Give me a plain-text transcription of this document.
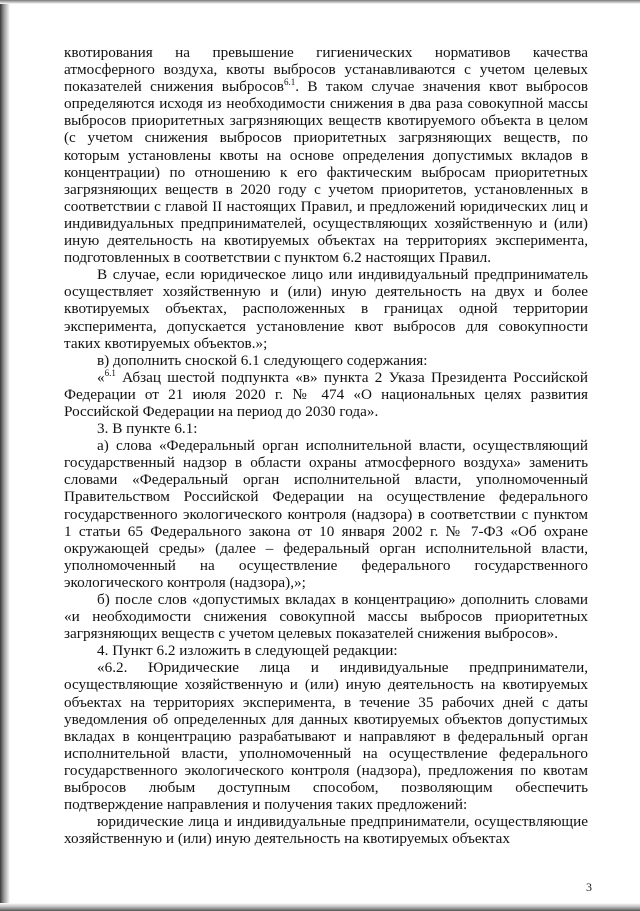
квотирования на превышение гигиенических нормативов качества атмосферного воздуха, квоты выбросов устанавливаются с учетом целевых показателей снижения выбросов$^{6.1}$. В таком случае значения квот выбросов определяются исходя из необходимости снижения в два раза совокупной массы выбросов приоритетных загрязняющих веществ квотируемого объекта в целом (с учетом снижения выбросов приоритетных загрязняющих веществ, по которым установлены квоты на основе определения допустимых вкладов в концентрации) по отношению к его фактическим выбросам приоритетных загрязняющих веществ в 2020 году с учетом приоритетов, установленных в соответствии с главой II настоящих Правил, и предложений юридических лиц и индивидуальных предпринимателей, осуществляющих хозяйственную и (или) иную деятельность на квотируемых объектах на территориях эксперимента, подготовленных в соответствии с пунктом 6.2 настоящих Правил.

В случае, если юридическое лицо или индивидуальный предприниматель осуществляет хозяйственную и (или) иную деятельность на двух и более квотируемых объектах, расположенных в границах одной территории эксперимента, допускается установление квот выбросов для совокупности таких квотируемых объектов.»;

в) дополнить сноской 6.1 следующего содержания:

«$^{6.1}$ Абзац шестой подпункта «в» пункта 2 Указа Президента Российской Федерации от 21 июля 2020 г. № 474 «О национальных целях развития Российской Федерации на период до 2030 года».

3. В пункте 6.1:

а) слова «Федеральный орган исполнительной власти, осуществляющий государственный надзор в области охраны атмосферного воздуха» заменить словами «Федеральный орган исполнительной власти, уполномоченный Правительством Российской Федерации на осуществление федерального государственного экологического контроля (надзора) в соответствии с пунктом 1 статьи 65 Федерального закона от 10 января 2002 г. № 7-ФЗ «Об охране окружающей среды» (далее – федеральный орган исполнительной власти, уполномоченный на осуществление федерального государственного экологического контроля (надзора),»;

б) после слов «допустимых вкладах в концентрацию» дополнить словами «и необходимости снижения совокупной массы выбросов приоритетных загрязняющих веществ с учетом целевых показателей снижения выбросов».

4. Пункт 6.2 изложить в следующей редакции:

«6.2. Юридические лица и индивидуальные предприниматели, осуществляющие хозяйственную и (или) иную деятельность на квотируемых объектах на территориях эксперимента, в течение 35 рабочих дней с даты уведомления об определенных для данных квотируемых объектов допустимых вкладах в концентрацию разрабатывают и направляют в федеральный орган исполнительной власти, уполномоченный на осуществление федерального государственного экологического контроля (надзора), предложения по квотам выбросов любым доступным способом, позволяющим обеспечить подтверждение направления и получения таких предложений:

юридические лица и индивидуальные предприниматели, осуществляющие хозяйственную и (или) иную деятельность на квотируемых объектах

3
